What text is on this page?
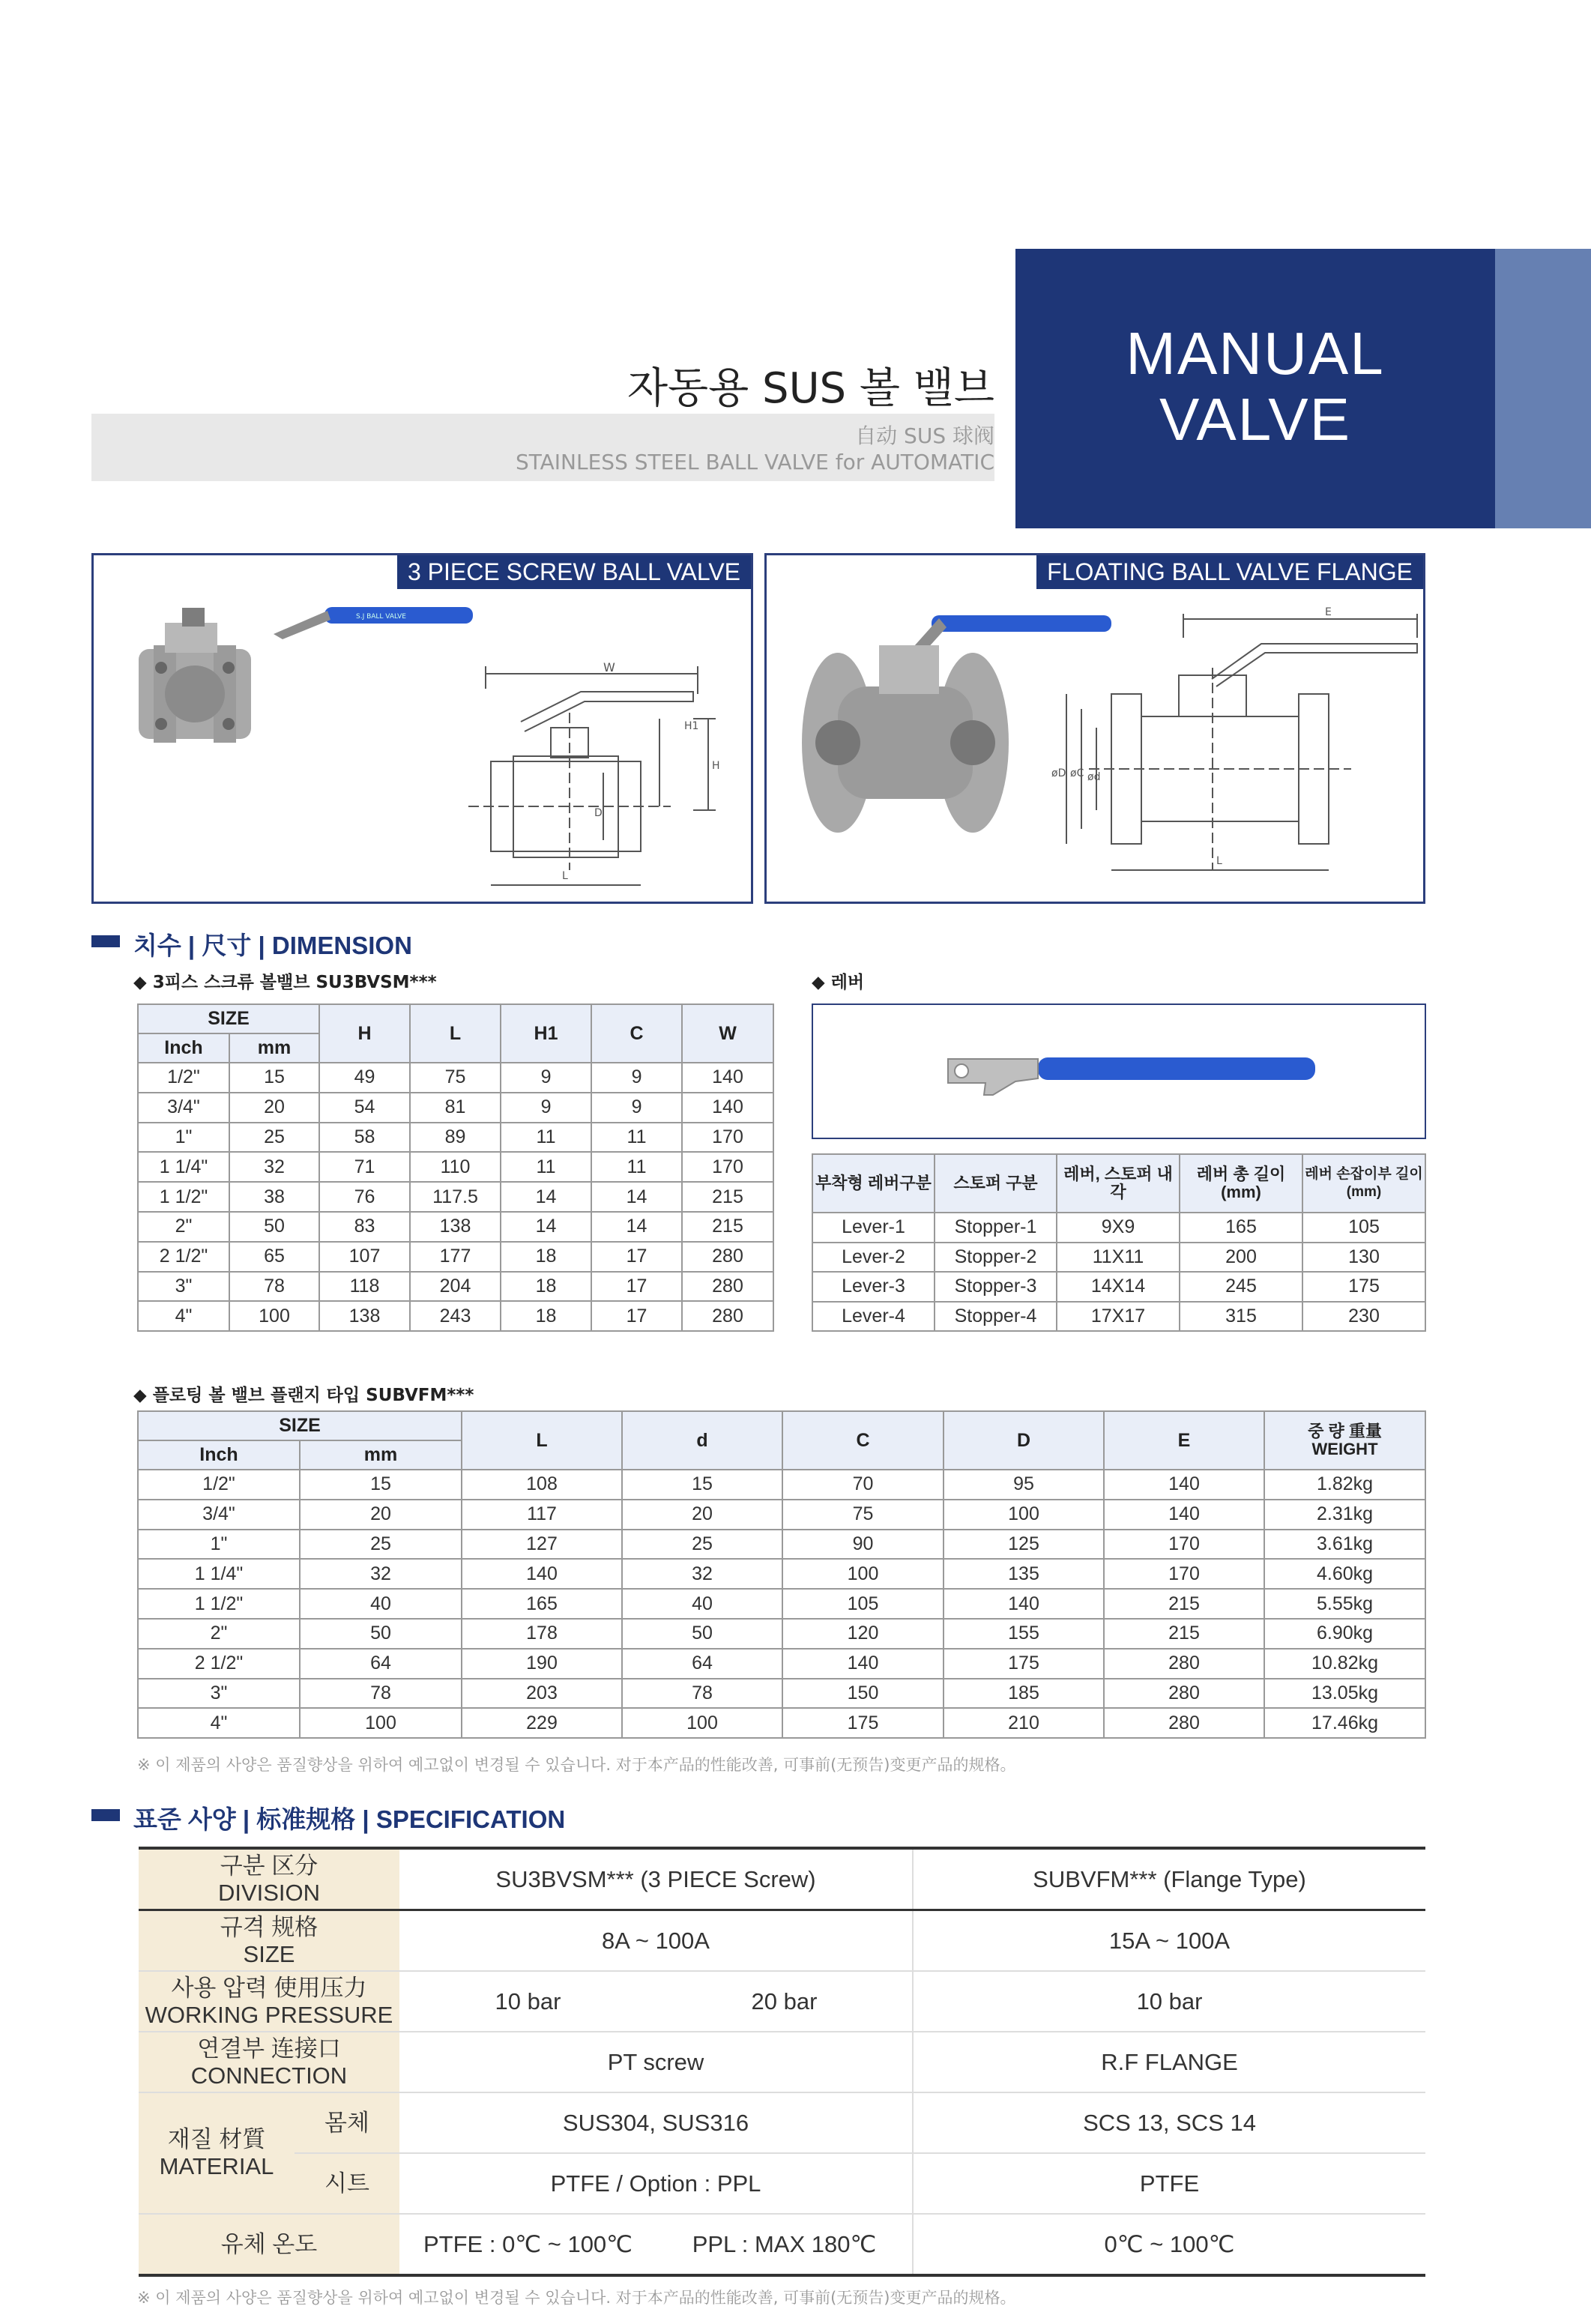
자동용 SUS 볼 밸브
自动 SUS 球阀
STAINLESS STEEL BALL VALVE for AUTOMATIC
MANUAL
VALVE
3 PIECE SCREW BALL VALVE
S.J BALL VALVE
W
H1
H
D
L
FLOATING BALL VALVE FLANGE
E
øD øC ød
L
치수 | 尺寸 | DIMENSION
◆ 3피스 스크류 볼밸브 SU3BVSM***	◆ 레버
SIZE		H	L	H1	C	W
Inch	mm					
1/2"	15	49	75	9	9	140
3/4"	20	54	81	9	9	140
1"	25	58	89	11	11	170
1 1/4"	32	71	110	11	11	170
1 1/2"	38	76	117.5	14	14	215
2"	50	83	138	14	14	215
2 1/2"	65	107	177	18	17	280
3"	78	118	204	18	17	280
4"	100	138	243	18	17	280
부착형 레버구분	스토퍼 구분	레버, 스토퍼 내각	레버 총 길이 (mm)	레버 손잡이부 길이 (mm)
Lever-1	Stopper-1	9X9	165	105
Lever-2	Stopper-2	11X11	200	130
Lever-3	Stopper-3	14X14	245	175
Lever-4	Stopper-4	17X17	315	230
◆ 플로팅 볼 밸브 플랜지 타입 SUBVFM***
SIZE		L	d	C	D	E	중 량 重量
WEIGHT

Inch	mm						
1/2"	15	108	15	70	95	140	1.82kg
3/4"	20	117	20	75	100	140	2.31kg
1"	25	127	25	90	125	170	3.61kg
1 1/4"	32	140	32	100	135	170	4.60kg
1 1/2"	40	165	40	105	140	215	5.55kg
2"	50	178	50	120	155	215	6.90kg
2 1/2"	64	190	64	140	175	280	10.82kg
3"	78	203	78	150	185	280	13.05kg
4"	100	229	100	175	210	280	17.46kg
※ 이 제품의 사양은 품질향상을 위하여 예고없이 변경될 수 있습니다. 对于本产品的性能改善, 可事前(无预告)变更产品的规格。
표준 사양 | 标准规格 | SPECIFICATION
구분 区分
DIVISION		SU3BVSM*** (3 PIECE Screw)		SUBVFM*** (Flange Type)

규격 规格
SIZE		8A ~ 100A		15A ~ 100A

사용 압력 使用压力
WORKING PRESSURE		10 bar	20 bar	10 bar

연결부 连接口
CONNECTION		PT screw		R.F FLANGE

재질 材質
MATERIAL	몸체	SUS304, SUS316		SCS 13, SCS 14
	시트	PTFE / Option : PPL		PTFE
유체 온도		PTFE : 0℃ ~ 100℃	PPL : MAX 180℃	0℃ ~ 100℃
※ 이 제품의 사양은 품질향상을 위하여 예고없이 변경될 수 있습니다. 对于本产品的性能改善, 可事前(无预告)变更产品的规格。
